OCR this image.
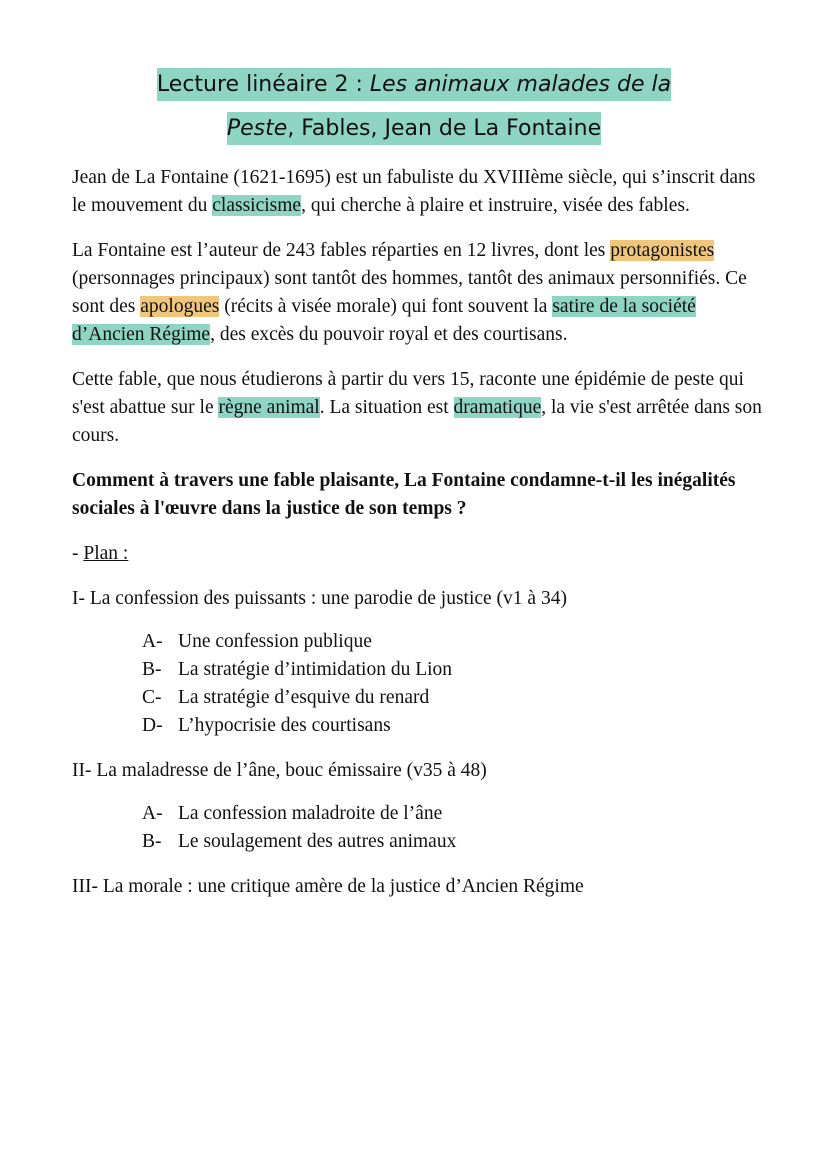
Lecture linéaire 2 : Les animaux malades de la
Peste, Fables, Jean de La Fontaine

Jean de La Fontaine (1621-1695) est un fabuliste du XVIIIème siècle, qui s’inscrit dans le mouvement du classicisme, qui cherche à plaire et instruire, visée des fables.

La Fontaine est l’auteur de 243 fables réparties en 12 livres, dont les protagonistes (personnages principaux) sont tantôt des hommes, tantôt des animaux personnifiés. Ce sont des apologues (récits à visée morale) qui font souvent la satire de la société d’Ancien Régime, des excès du pouvoir royal et des courtisans.

Cette fable, que nous étudierons à partir du vers 15, raconte une épidémie de peste qui s'est abattue sur le règne animal. La situation est dramatique, la vie s'est arrêtée dans son cours.

Comment à travers une fable plaisante, La Fontaine condamne-t-il les inégalités sociales à l'œuvre dans la justice de son temps ?

- Plan :

I- La confession des puissants : une parodie de justice (v1 à 34)

A- Une confession publique
B- La stratégie d’intimidation du Lion
C- La stratégie d’esquive du renard
D- L’hypocrisie des courtisans

II- La maladresse de l’âne, bouc émissaire (v35 à 48)

A- La confession maladroite de l’âne
B- Le soulagement des autres animaux

III- La morale : une critique amère de la justice d’Ancien Régime
